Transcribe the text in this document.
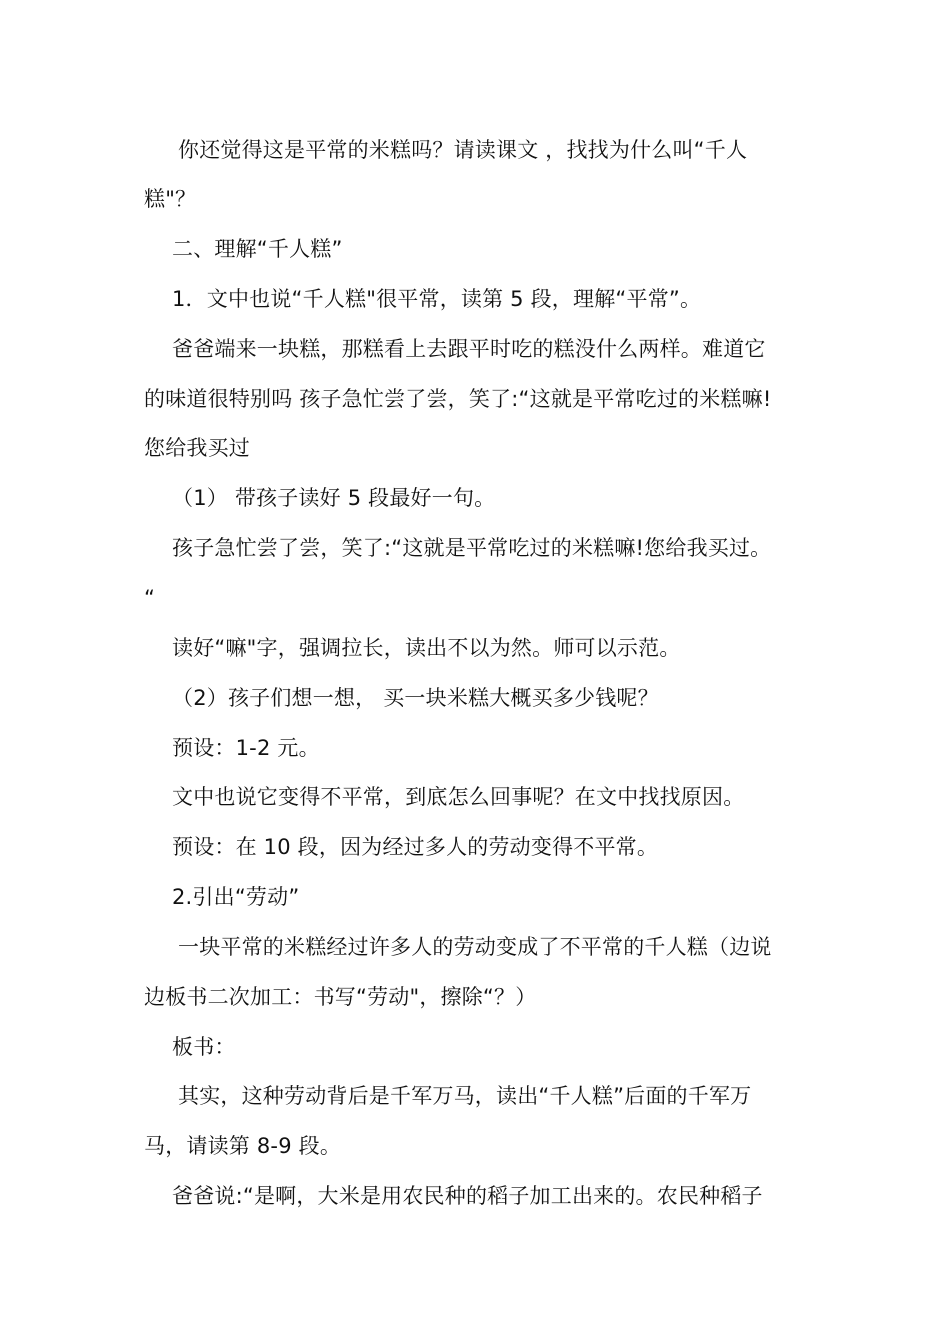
你还觉得这是平常的米糕吗？请读课文 ，找找为什么叫“千人
糕"？
二、理解“千人糕”
1．文中也说“千人糕"很平常，读第 5 段，理解“平常”。
爸爸端来一块糕，那糕看上去跟平时吃的糕没什么两样。难道它
的味道很特别吗 孩子急忙尝了尝，笑了:“这就是平常吃过的米糕嘛!
您给我买过
（1） 带孩子读好 5 段最好一句。
孩子急忙尝了尝，笑了:“这就是平常吃过的米糕嘛!您给我买过。
“
读好“嘛"字，强调拉长，读出不以为然。师可以示范。
（2）孩子们想一想， 买一块米糕大概买多少钱呢？
预设：1-2 元。
文中也说它变得不平常，到底怎么回事呢？在文中找找原因。
预设：在 10 段，因为经过多人的劳动变得不平常。
2.引出“劳动”
一块平常的米糕经过许多人的劳动变成了不平常的千人糕（边说
边板书二次加工：书写“劳动"，擦除“？）
板书：
其实，这种劳动背后是千军万马，读出“千人糕”后面的千军万
马，请读第 8-9 段。
爸爸说:“是啊，大米是用农民种的稻子加工出来的。农民种稻子
